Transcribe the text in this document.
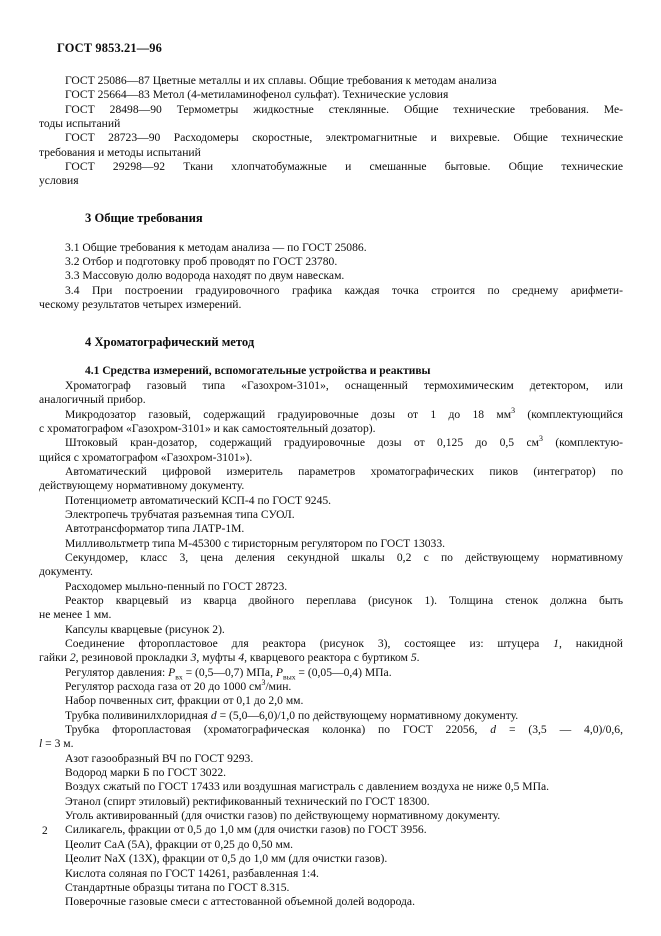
ГОСТ 9853.21—96

ГОСТ 25086—87 Цветные металлы и их сплавы. Общие требования к методам анализа

ГОСТ 25664—83 Метол (4-метиламинофенол сульфат). Технические условия

ГОСТ 28498—90 Термометры жидкостные стеклянные. Общие технические требования. Ме-

тоды испытаний

ГОСТ 28723—90 Расходомеры скоростные, электромагнитные и вихревые. Общие технические

требования и методы испытаний

ГОСТ 29298—92 Ткани хлопчатобумажные и смешанные бытовые. Общие технические

условия

3 Общие требования

3.1 Общие требования к методам анализа — по ГОСТ 25086.

3.2 Отбор и подготовку проб проводят по ГОСТ 23780.

3.3 Массовую долю водорода находят по двум навескам.

3.4 При построении градуировочного графика каждая точка строится по среднему арифмети-

ческому результатов четырех измерений.

4 Хроматографический метод
4.1 Средства измерений, вспомогательные устройства и реактивы

Хроматограф газовый типа «Газохром-3101», оснащенный термохимическим детектором, или

аналогичный прибор.

Микродозатор газовый, содержащий градуировочные дозы от 1 до 18 $мм^3$ (комплектующийся

с хроматографом «Газохром-3101» и как самостоятельный дозатор).

Штоковый кран-дозатор, содержащий градуировочные дозы от 0,125 до 0,5 $см^3$ (комплектую-

щийся с хроматографом «Газохром-3101»).

Автоматический цифровой измеритель параметров хроматографических пиков (интегратор) по

действующему нормативному документу.

Потенциометр автоматический КСП-4 по ГОСТ 9245.

Электропечь трубчатая разъемная типа СУОЛ.

Автотрансформатор типа ЛАТР-1М.

Милливольтметр типа М-45300 с тиристорным регулятором по ГОСТ 13033.

Секундомер, класс 3, цена деления секундной шкалы 0,2 с по действующему нормативному

документу.

Расходомер мыльно-пенный по ГОСТ 28723.

Реактор кварцевый из кварца двойного переплава (рисунок 1). Толщина стенок должна быть

не менее 1 мм.

Капсулы кварцевые (рисунок 2).

Соединение фторопластовое для реактора (рисунок 3), состоящее из: штуцера 1, накидной

гайки 2, резиновой прокладки 3, муфты 4, кварцевого реактора с буртиком 5.

Регулятор давления: $P_{вх}$ = (0,5—0,7) МПа, $P_{вых}$ = (0,05—0,4) МПа.

Регулятор расхода газа от 20 до 1000 $см^3$/мин.

Набор почвенных сит, фракции от 0,1 до 2,0 мм.

Трубка поливинилхлоридная d = (5,0—6,0)/1,0 по действующему нормативному документу.

Трубка фторопластовая (хроматографическая колонка) по ГОСТ 22056, d = (3,5 — 4,0)/0,6,

l = 3 м.

Азот газообразный ВЧ по ГОСТ 9293.

Водород марки Б по ГОСТ 3022.

Воздух сжатый по ГОСТ 17433 или воздушная магистраль с давлением воздуха не ниже 0,5 МПа.

Этанол (спирт этиловый) ректификованный технический по ГОСТ 18300.

Уголь активированный (для очистки газов) по действующему нормативному документу.

Силикагель, фракции от 0,5 до 1,0 мм (для очистки газов) по ГОСТ 3956.

Цеолит CaA (5A), фракции от 0,25 до 0,50 мм.

Цеолит NaX (13X), фракции от 0,5 до 1,0 мм (для очистки газов).

Кислота соляная по ГОСТ 14261, разбавленная 1:4.

Стандартные образцы титана по ГОСТ 8.315.

Поверочные газовые смеси с аттестованной объемной долей водорода.

2
